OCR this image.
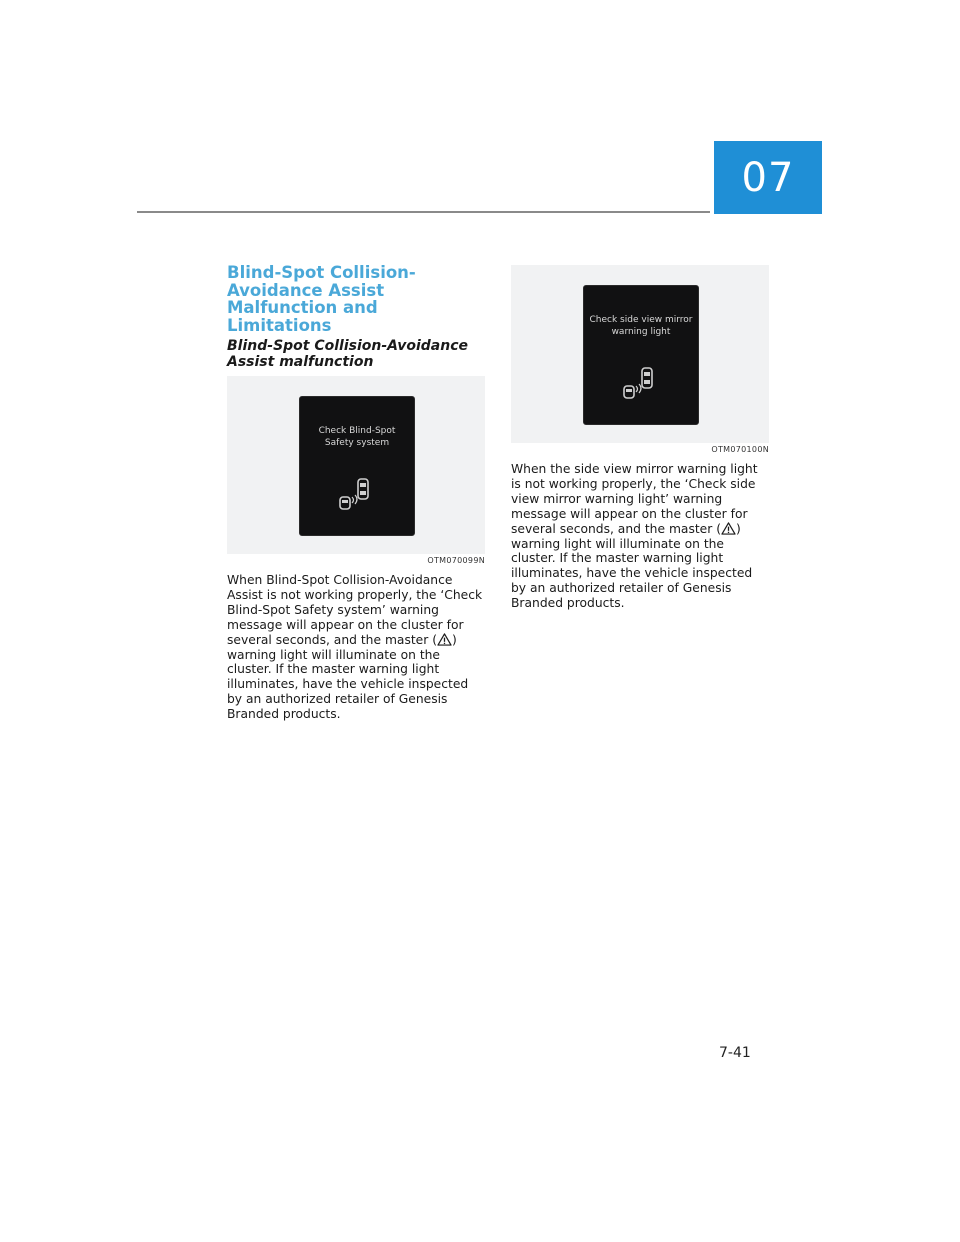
07
Blind-Spot Collision-Avoidance Assist Malfunction and Limitations
Blind-Spot Collision-Avoidance Assist malfunction
Check Blind-Spot
Safety system
OTM070099N

When Blind-Spot Collision-Avoidance Assist is not working properly, the ‘Check Blind-Spot Safety system’ warning message will appear on the cluster for several seconds, and the master ( ) warning light will illuminate on the cluster. If the master warning light illuminates, have the vehicle inspected by an authorized retailer of Genesis Branded products.

Check side view mirror
warning light
OTM070100N

When the side view mirror warning light is not working properly, the ‘Check side view mirror warning light’ warning message will appear on the cluster for several seconds, and the master ( ) warning light will illuminate on the cluster. If the master warning light illuminates, have the vehicle inspected by an authorized retailer of Genesis Branded products.

7-41
